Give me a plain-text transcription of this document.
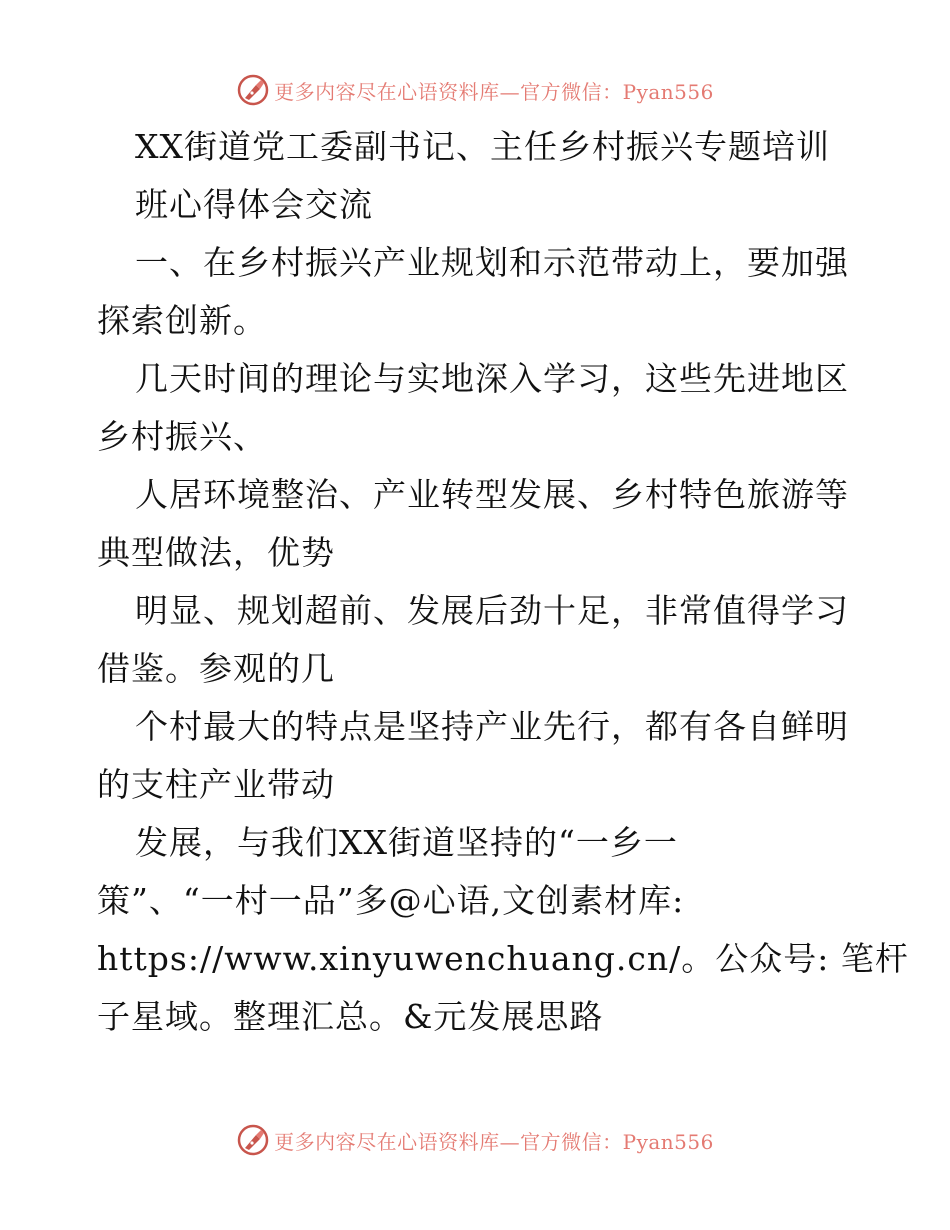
更多内容尽在心语资料库—官方微信：Pyan556
XX街道党工委副书记、主任乡村振兴专题培训
班心得体会交流
一、在乡村振兴产业规划和示范带动上，要加强
探索创新。
几天时间的理论与实地深入学习，这些先进地区
乡村振兴、
人居环境整治、产业转型发展、乡村特色旅游等
典型做法，优势
明显、规划超前、发展后劲十足，非常值得学习
借鉴。参观的几
个村最大的特点是坚持产业先行，都有各自鲜明
的支柱产业带动
发展，与我们XX街道坚持的“一乡一
策”、“一村一品”多@心语,文创素材库:
https://www.xinyuwenchuang.cn/。公众号: 笔杆
子星域。整理汇总。&元发展思路
更多内容尽在心语资料库—官方微信：Pyan556
